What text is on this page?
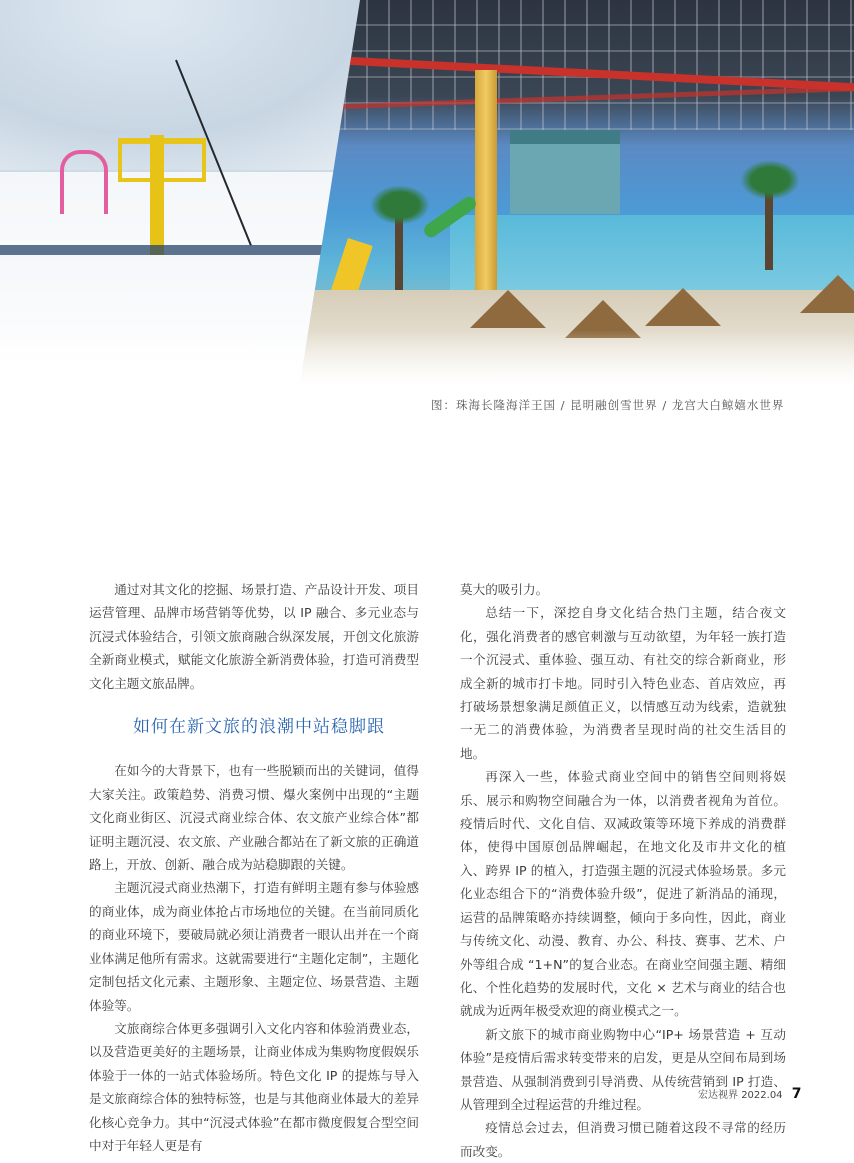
图：珠海长隆海洋王国 / 昆明融创雪世界 / 龙宫大白鲸嬉水世界

通过对其文化的挖掘、场景打造、产品设计开发、项目运营管理、品牌市场营销等优势，以 IP 融合、多元业态与沉浸式体验结合，引领文旅商融合纵深发展，开创文化旅游全新商业模式，赋能文化旅游全新消费体验，打造可消费型文化主题文旅品牌。

如何在新文旅的浪潮中站稳脚跟

在如今的大背景下，也有一些脱颖而出的关键词，值得大家关注。政策趋势、消费习惯、爆火案例中出现的“主题文化商业街区、沉浸式商业综合体、农文旅产业综合体”都证明主题沉浸、农文旅、产业融合都站在了新文旅的正确道路上，开放、创新、融合成为站稳脚跟的关键。

主题沉浸式商业热潮下，打造有鲜明主题有参与体验感的商业体，成为商业体抢占市场地位的关键。在当前同质化的商业环境下，要破局就必须让消费者一眼认出并在一个商业体满足他所有需求。这就需要进行“主题化定制”，主题化定制包括文化元素、主题形象、主题定位、场景营造、主题体验等。

文旅商综合体更多强调引入文化内容和体验消费业态，以及营造更美好的主题场景，让商业体成为集购物度假娱乐体验于一体的一站式体验场所。特色文化 IP 的提炼与导入是文旅商综合体的独特标签，也是与其他商业体最大的差异化核心竞争力。其中“沉浸式体验”在都市微度假复合型空间中对于年轻人更是有

莫大的吸引力。

总结一下，深挖自身文化结合热门主题，结合夜文化，强化消费者的感官刺激与互动欲望，为年轻一族打造一个沉浸式、重体验、强互动、有社交的综合新商业，形成全新的城市打卡地。同时引入特色业态、首店效应，再打破场景想象满足颜值正义，以情感互动为线索，造就独一无二的消费体验，为消费者呈现时尚的社交生活目的地。

再深入一些，体验式商业空间中的销售空间则将娱乐、展示和购物空间融合为一体，以消费者视角为首位。疫情后时代、文化自信、双减政策等环境下养成的消费群体，使得中国原创品牌崛起，在地文化及市井文化的植入、跨界 IP 的植入，打造强主题的沉浸式体验场景。多元化业态组合下的“消费体验升级”，促进了新消品的涌现，运营的品牌策略亦持续调整，倾向于多向性，因此，商业与传统文化、动漫、教育、办公、科技、赛事、艺术、户外等组合成 “1+N”的复合业态。在商业空间强主题、精细化、个性化趋势的发展时代，文化 × 艺术与商业的结合也就成为近两年极受欢迎的商业模式之一。

新文旅下的城市商业购物中心“IP+ 场景营造 + 互动体验”是疫情后需求转变带来的启发，更是从空间布局到场景营造、从强制消费到引导消费、从传统营销到 IP 打造、从管理到全过程运营的升维过程。

疫情总会过去，但消费习惯已随着这段不寻常的经历而改变。

宏达视界 2022.04 7
